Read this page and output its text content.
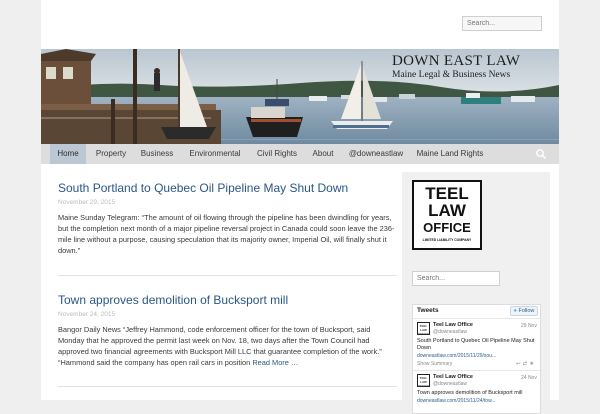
Search...
DOWN EAST LAW
Maine Legal & Business News
Home	Property	Business	Environmental	Civil Rights	About	@downeastlaw Maine Land Rights
South Portland to Quebec Oil Pipeline May Shut Down
November 29, 2015
Maine Sunday Telegram: “The amount of oil flowing through the pipeline has been dwindling for years, but the completion next month of a major pipeline reversal project in Canada could soon leave the 236-mile line without a purpose, causing speculation that its majority owner, Imperial Oil, will finally shut it down.”
Town approves demolition of Bucksport mill
November 24, 2015
Bangor Daily News “Jeffrey Hammond, code enforcement officer for the town of Bucksport, said Monday that he approved the permit last week on Nov. 18, two days after the Town Council had approved two financial agreements with Bucksport Mill LLC that guarantee completion of the work.” “Hammond said the company has open rail cars in position Read More …
TEEL
LAW
OFFICE
LIMITED LIABILITY COMPANY
Search...
Tweets	● Follow
TEEL
LAW
OFFICE
Teel Law Office
@downeastlaw
29 Nov
South Portland to Quebec Oil Pipeline May Shut Down
downeastlaw.com/2015/11/29/sou...
Show Summary	↩⇄★
TEEL
LAW
OFFICE
Teel Law Office
@downeastlaw
24 Nov
Town approves demolition of Bucksport mill
downeastlaw.com/2015/11/24/tow...
